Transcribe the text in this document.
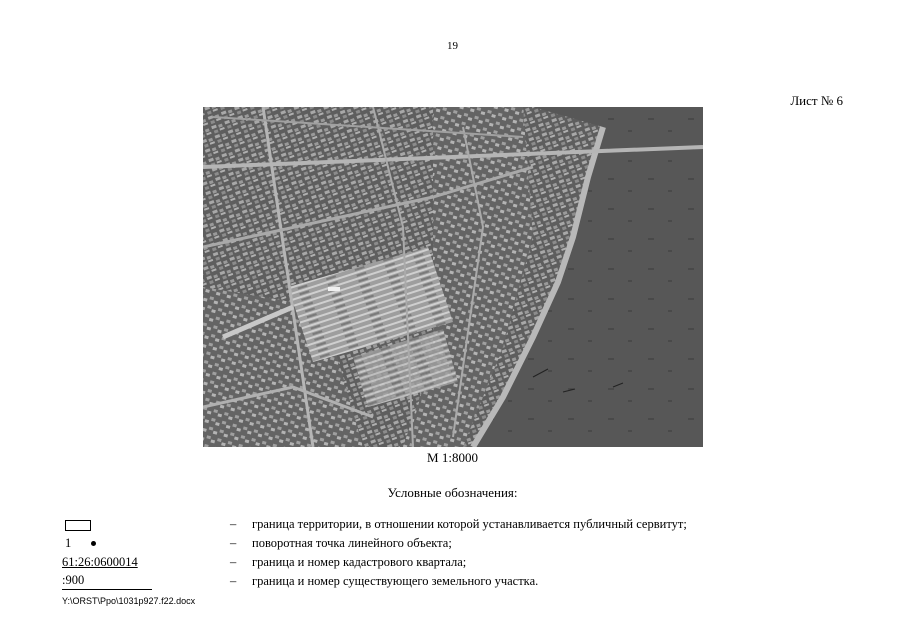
19
Лист № 6
М 1:8000
Условные обозначения:
– граница территории, в отношении которой устанавливается публичный сервитут;
1	– поворотная точка линейного объекта;
61:26:0600014	– граница и номер кадастрового квартала;
:900	– граница и номер существующего земельного участка.
Y:\ORST\Ppo\1031p927.f22.docx
